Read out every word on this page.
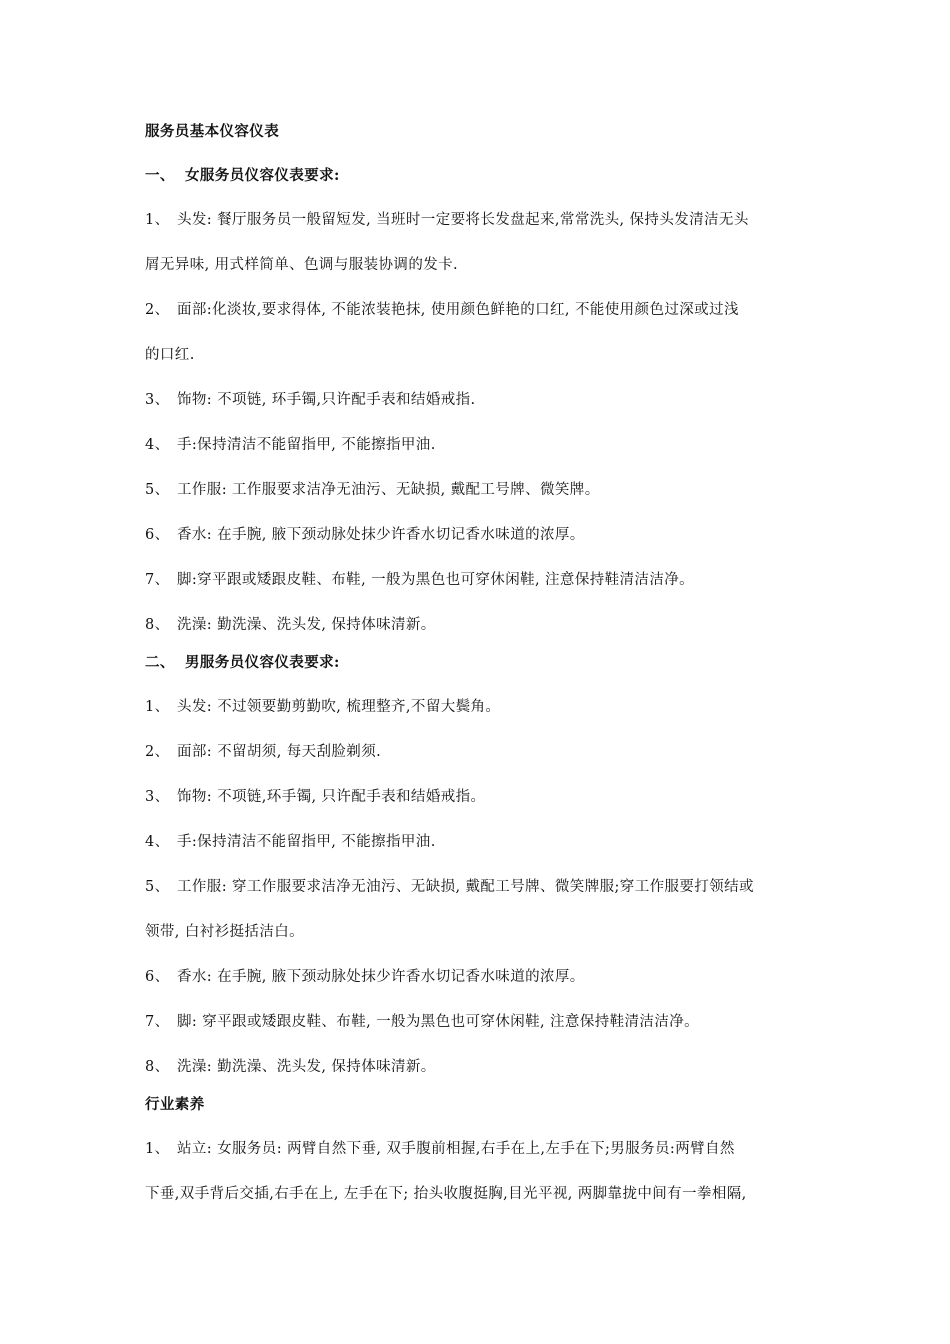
服务员基本仪容仪表
一、 女服务员仪容仪表要求:
1、 头发: 餐厅服务员一般留短发, 当班时一定要将长发盘起来,常常洗头, 保持头发清洁无头
屑无异味, 用式样简单、色调与服装协调的发卡.
2、 面部:化淡妆,要求得体, 不能浓装艳抹, 使用颜色鲜艳的口红, 不能使用颜色过深或过浅
的口红.
3、 饰物: 不项链, 环手镯,只许配手表和结婚戒指.
4、 手:保持清洁不能留指甲, 不能擦指甲油.
5、 工作服: 工作服要求洁净无油污、无缺损, 戴配工号牌、微笑牌。
6、 香水: 在手腕, 腋下颈动脉处抹少许香水切记香水味道的浓厚。
7、 脚:穿平跟或矮跟皮鞋、布鞋, 一般为黑色也可穿休闲鞋, 注意保持鞋清洁洁净。
8、 洗澡: 勤洗澡、洗头发, 保持体味清新。
二、 男服务员仪容仪表要求:
1、 头发: 不过领要勤剪勤吹, 梳理整齐,不留大鬓角。
2、 面部: 不留胡须, 每天刮脸剃须.
3、 饰物: 不项链,环手镯, 只许配手表和结婚戒指。
4、 手:保持清洁不能留指甲, 不能擦指甲油.
5、 工作服: 穿工作服要求洁净无油污、无缺损, 戴配工号牌、微笑牌服;穿工作服要打领结或
领带, 白衬衫挺括洁白。
6、 香水: 在手腕, 腋下颈动脉处抹少许香水切记香水味道的浓厚。
7、 脚: 穿平跟或矮跟皮鞋、布鞋, 一般为黑色也可穿休闲鞋, 注意保持鞋清洁洁净。
8、 洗澡: 勤洗澡、洗头发, 保持体味清新。
行业素养
1、 站立: 女服务员: 两臂自然下垂, 双手腹前相握,右手在上,左手在下;男服务员:两臂自然
下垂,双手背后交插,右手在上, 左手在下; 抬头收腹挺胸,目光平视, 两脚靠拢中间有一拳相隔,
